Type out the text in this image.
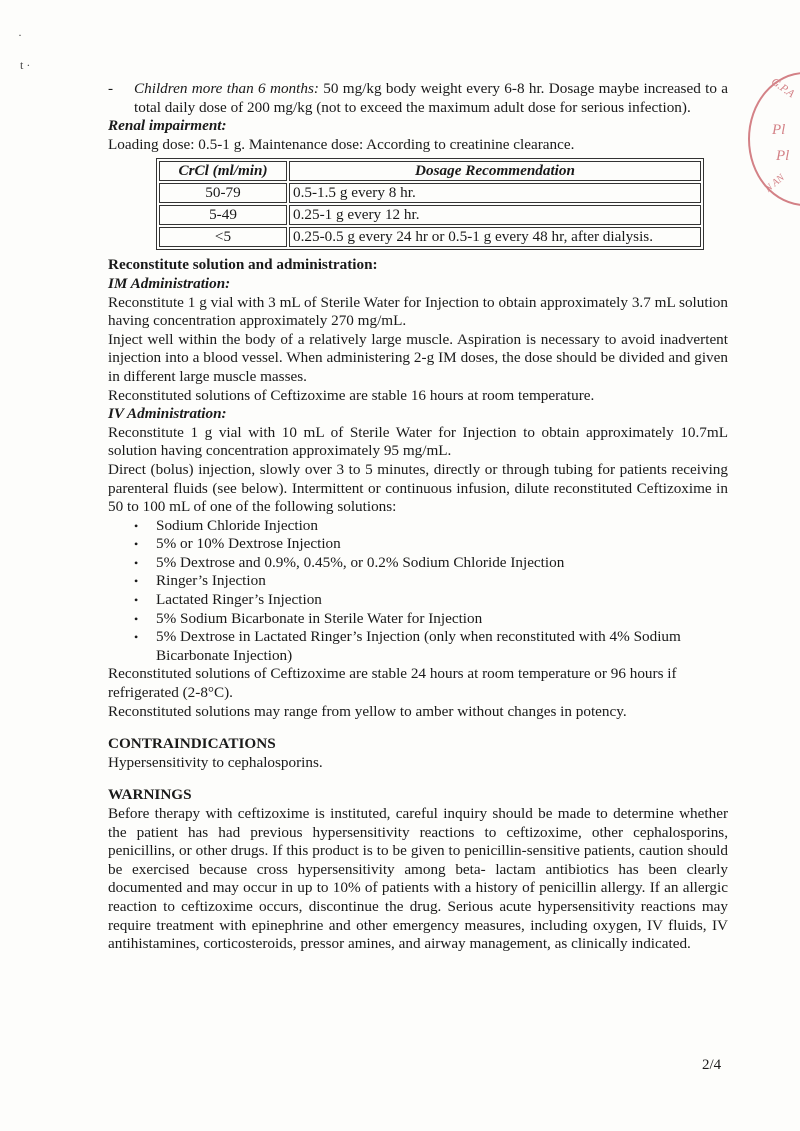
·
t ·
G.P.A
Pl
Pl
N AN
- Children more than 6 months: 50 mg/kg body weight every 6-8 hr. Dosage maybe increased to a total daily dose of 200 mg/kg (not to exceed the maximum adult dose for serious infection).

Renal impairment:

Loading dose: 0.5-1 g. Maintenance dose: According to creatinine clearance.

CrCl (ml/min)	Dosage Recommendation
50-79	0.5-1.5 g every 8 hr.
5-49	0.25-1 g every 12 hr.
<5	0.25-0.5 g every 24 hr or 0.5-1 g every 48 hr, after dialysis.

Reconstitute solution and administration:

IM Administration:

Reconstitute 1 g vial with 3 mL of Sterile Water for Injection to obtain approximately 3.7 mL solution having concentration approximately 270 mg/mL.

Inject well within the body of a relatively large muscle. Aspiration is necessary to avoid inadvertent injection into a blood vessel. When administering 2-g IM doses, the dose should be divided and given in different large muscle masses.

Reconstituted solutions of Ceftizoxime are stable 16 hours at room temperature.

IV Administration:

Reconstitute 1 g vial with 10 mL of Sterile Water for Injection to obtain approximately 10.7mL solution having concentration approximately 95 mg/mL.

Direct (bolus) injection, slowly over 3 to 5 minutes, directly or through tubing for patients receiving parenteral fluids (see below). Intermittent or continuous infusion, dilute reconstituted Ceftizoxime in 50 to 100 mL of one of the following solutions:

• Sodium Chloride Injection
• 5% or 10% Dextrose Injection
• 5% Dextrose and 0.9%, 0.45%, or 0.2% Sodium Chloride Injection
• Ringer’s Injection
• Lactated Ringer’s Injection
• 5% Sodium Bicarbonate in Sterile Water for Injection
• 5% Dextrose in Lactated Ringer’s Injection (only when reconstituted with 4% Sodium Bicarbonate Injection)

Reconstituted solutions of Ceftizoxime are stable 24 hours at room temperature or 96 hours if refrigerated (2-8°C).

Reconstituted solutions may range from yellow to amber without changes in potency.

CONTRAINDICATIONS

Hypersensitivity to cephalosporins.

WARNINGS

Before therapy with ceftizoxime is instituted, careful inquiry should be made to determine whether the patient has had previous hypersensitivity reactions to ceftizoxime, other cephalosporins, penicillins, or other drugs. If this product is to be given to penicillin-sensitive patients, caution should be exercised because cross hypersensitivity among beta- lactam antibiotics has been clearly documented and may occur in up to 10% of patients with a history of penicillin allergy. If an allergic reaction to ceftizoxime occurs, discontinue the drug. Serious acute hypersensitivity reactions may require treatment with epinephrine and other emergency measures, including oxygen, IV fluids, IV antihistamines, corticosteroids, pressor amines, and airway management, as clinically indicated.

2/4
